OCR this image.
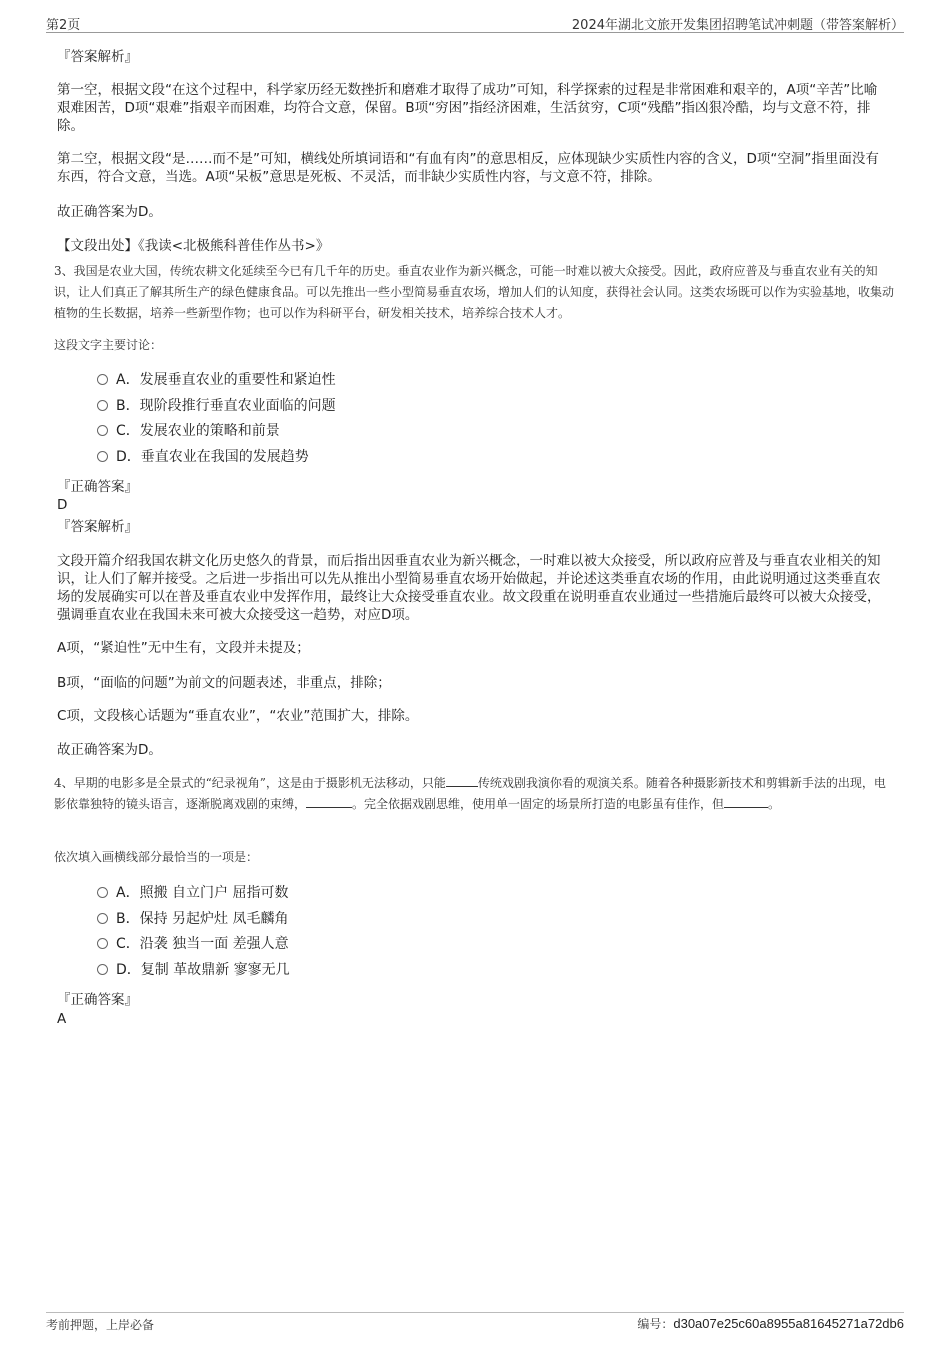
第2页	2024年湖北文旅开发集团招聘笔试冲刺题（带答案解析）
『答案解析』
第一空，根据文段“在这个过程中，科学家历经无数挫折和磨难才取得了成功”可知，科学探索的过程是非常困难和艰辛的，A项“辛苦”比喻艰难困苦，D项“艰难”指艰辛而困难，均符合文意，保留。B项“穷困”指经济困难，生活贫穷，C项“残酷”指凶狠冷酷，均与文意不符，排除。
第二空，根据文段“是……而不是”可知，横线处所填词语和“有血有肉”的意思相反，应体现缺少实质性内容的含义，D项“空洞”指里面没有东西，符合文意，当选。A项“呆板”意思是死板、不灵活，而非缺少实质性内容，与文意不符，排除。
故正确答案为D。
【文段出处】《我读<北极熊科普佳作丛书>》
3、我国是农业大国，传统农耕文化延续至今已有几千年的历史。垂直农业作为新兴概念，可能一时难以被大众接受。因此，政府应普及与垂直农业有关的知识，让人们真正了解其所生产的绿色健康食品。可以先推出一些小型简易垂直农场，增加人们的认知度，获得社会认同。这类农场既可以作为实验基地，收集动植物的生长数据，培养一些新型作物；也可以作为科研平台，研发相关技术，培养综合技术人才。
这段文字主要讨论：
A．发展垂直农业的重要性和紧迫性
B．现阶段推行垂直农业面临的问题
C．发展农业的策略和前景
D．垂直农业在我国的发展趋势
『正确答案』
D
『答案解析』
文段开篇介绍我国农耕文化历史悠久的背景，而后指出因垂直农业为新兴概念，一时难以被大众接受，所以政府应普及与垂直农业相关的知识，让人们了解并接受。之后进一步指出可以先从推出小型简易垂直农场开始做起，并论述这类垂直农场的作用，由此说明通过这类垂直农场的发展确实可以在普及垂直农业中发挥作用，最终让大众接受垂直农业。故文段重在说明垂直农业通过一些措施后最终可以被大众接受，强调垂直农业在我国未来可被大众接受这一趋势，对应D项。
A项，“紧迫性”无中生有，文段并未提及；
B项，“面临的问题”为前文的问题表述，非重点，排除；
C项，文段核心话题为“垂直农业”，“农业”范围扩大，排除。
故正确答案为D。
4、早期的电影多是全景式的“纪录视角”，这是由于摄影机无法移动，只能	传统戏剧我演你看的观演关系。随着各种摄影新技术和剪辑新手法的出现，电影依靠独特的镜头语言，逐渐脱离戏剧的束缚，	。完全依据戏剧思维，使用单一固定的场景所打造的电影虽有佳作，但	。
依次填入画横线部分最恰当的一项是：
A．照搬 自立门户 屈指可数
B．保持 另起炉灶 凤毛麟角
C．沿袭 独当一面 差强人意
D．复制 革故鼎新 寥寥无几
『正确答案』
A
考前押题，上岸必备	编号：d30a07e25c60a8955a81645271a72db6
